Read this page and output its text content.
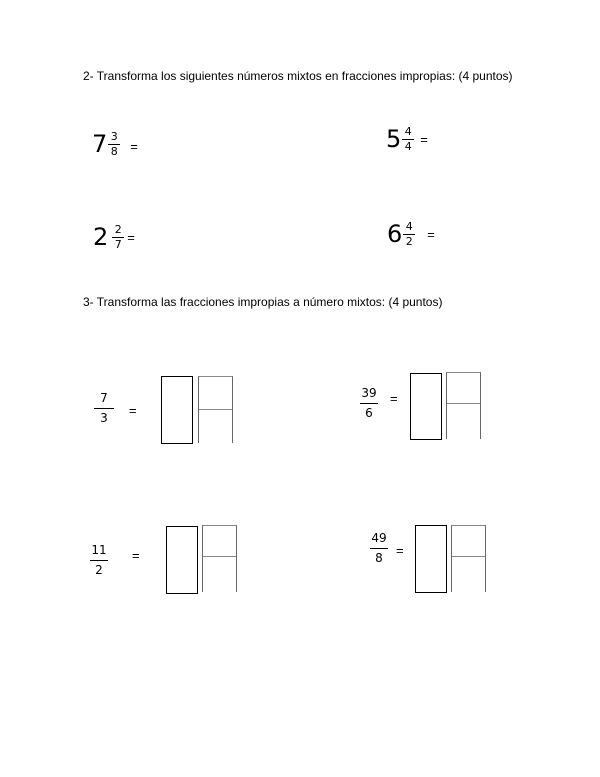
2- Transforma los siguientes números mixtos en fracciones impropias: (4 puntos)
$7 \frac{3}{8}$ =	$5 \frac{4}{4}$ =
$2 \frac{2}{7}$ =	$6 \frac{4}{2}$ =
3- Transforma las fracciones impropias a número mixtos: (4 puntos)
7
3
=
39
6
=
11
2
=
49
8
=
